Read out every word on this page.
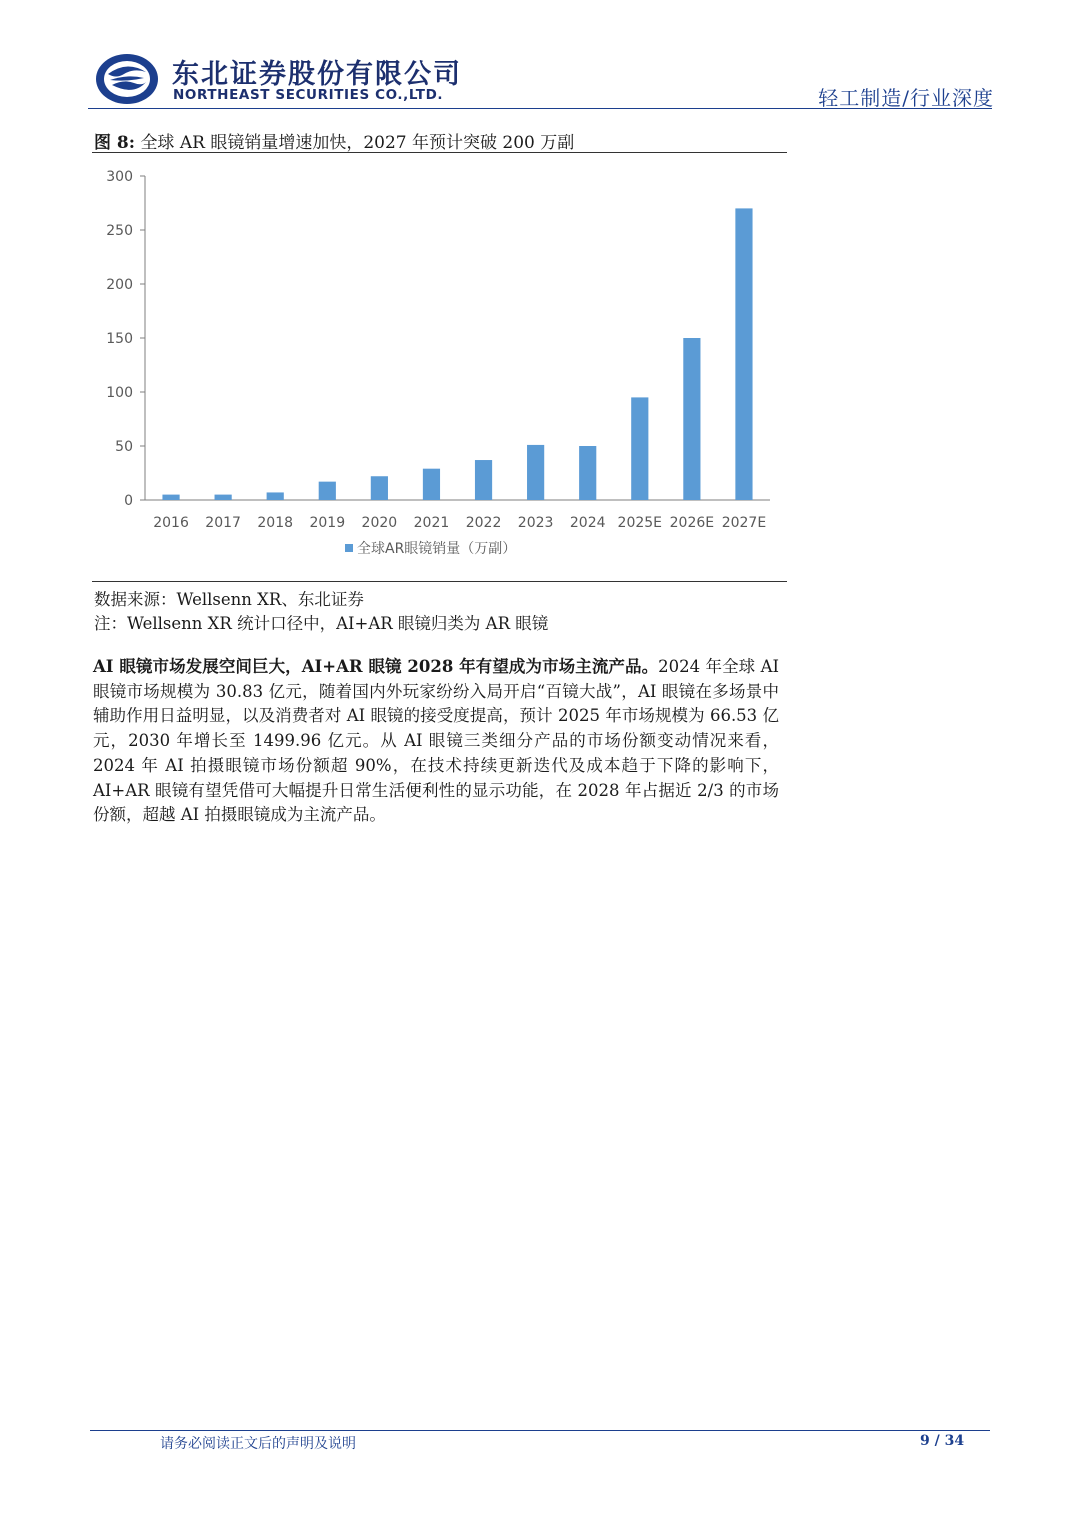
东北证券股份有限公司
NORTHEAST SECURITIES CO.,LTD.	轻工制造/行业深度
图 8: 全球 AR 眼镜销量增速加快，2027 年预计突破 200 万副
0
50
100
150
200
250
300
2016 2017 2018 2019 2020 2021 2022 2023 2024 2025E 2026E 2027E
全球AR眼镜销量（万副）
数据来源：Wellsenn XR、东北证券
注：Wellsenn XR 统计口径中，AI+AR 眼镜归类为 AR 眼镜
AI 眼镜市场发展空间巨大，AI+AR 眼镜 2028 年有望成为市场主流产品。2024 年全球 AI 眼镜市场规模为 30.83 亿元，随着国内外玩家纷纷入局开启“百镜大战”，AI 眼镜在多场景中辅助作用日益明显，以及消费者对 AI 眼镜的接受度提高，预计 2025 年市场规模为 66.53 亿元，2030 年增长至 1499.96 亿元。从 AI 眼镜三类细分产品的市场份额变动情况来看，2024 年 AI 拍摄眼镜市场份额超 90%，在技术持续更新迭代及成本趋于下降的影响下，AI+AR 眼镜有望凭借可大幅提升日常生活便利性的显示功能，在 2028 年占据近 2/3 的市场份额，超越 AI 拍摄眼镜成为主流产品。
请务必阅读正文后的声明及说明	9 / 34
